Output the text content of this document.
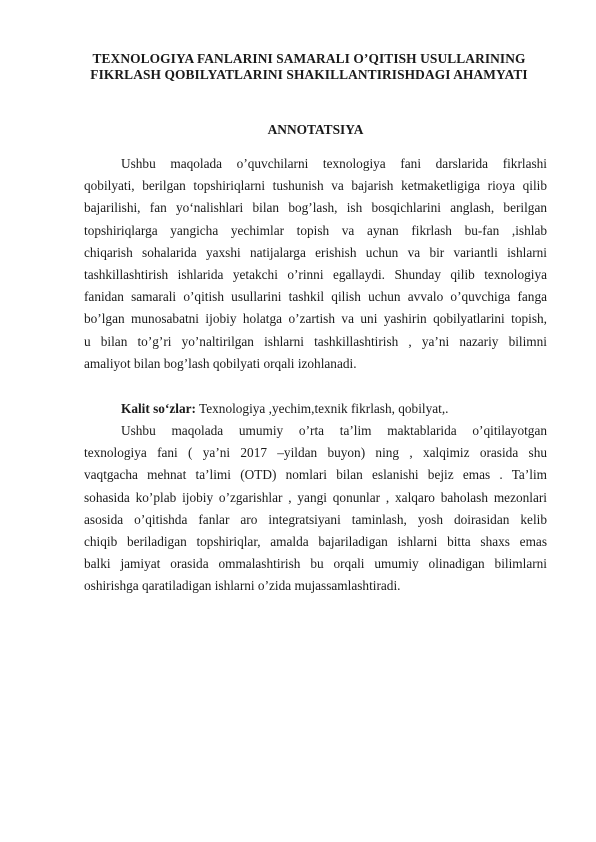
TEXNOLOGIYA FANLARINI SAMARALI O’QITISH USULLARINING
FIKRLASH QOBILYATLARINI SHAKILLANTIRISHDAGI AHAMYATI
ANNOTATSIYA
Ushbu maqolada o’quvchilarni texnologiya fani darslarida fikrlashi
qobilyati, berilgan topshiriqlarni tushunish va bajarish ketmaketligiga rioya qilib
bajarilishi, fan yo‘nalishlari bilan bog’lash, ish bosqichlarini anglash, berilgan
topshiriqlarga yangicha yechimlar topish va aynan fikrlash bu-fan ,ishlab
chiqarish sohalarida yaxshi natijalarga erishish uchun va bir variantli ishlarni
tashkillashtirish ishlarida yetakchi o’rinni egallaydi. Shunday qilib texnologiya
fanidan samarali o’qitish usullarini tashkil qilish uchun avvalo o’quvchiga fanga
bo’lgan munosabatni ijobiy holatga o’zartish va uni yashirin qobilyatlarini topish,
u bilan to’g’ri yo’naltirilgan ishlarni tashkillashtirish , ya’ni nazariy bilimni
amaliyot bilan bog’lash qobilyati orqali izohlanadi.
Kalit so‘zlar: Texnologiya ,yechim,texnik fikrlash, qobilyat,.
Ushbu maqolada umumiy o’rta ta’lim maktablarida o’qitilayotgan
texnologiya fani ( ya’ni 2017 –yildan buyon) ning , xalqimiz orasida shu
vaqtgacha mehnat ta’limi (OTD) nomlari bilan eslanishi bejiz emas . Ta’lim
sohasida ko’plab ijobiy o’zgarishlar , yangi qonunlar , xalqaro baholash mezonlari
asosida o’qitishda fanlar aro integratsiyani taminlash, yosh doirasidan kelib
chiqib beriladigan topshiriqlar, amalda bajariladigan ishlarni bitta shaxs emas
balki jamiyat orasida ommalashtirish bu orqali umumiy olinadigan bilimlarni
oshirishga qaratiladigan ishlarni o’zida mujassamlashtiradi.
